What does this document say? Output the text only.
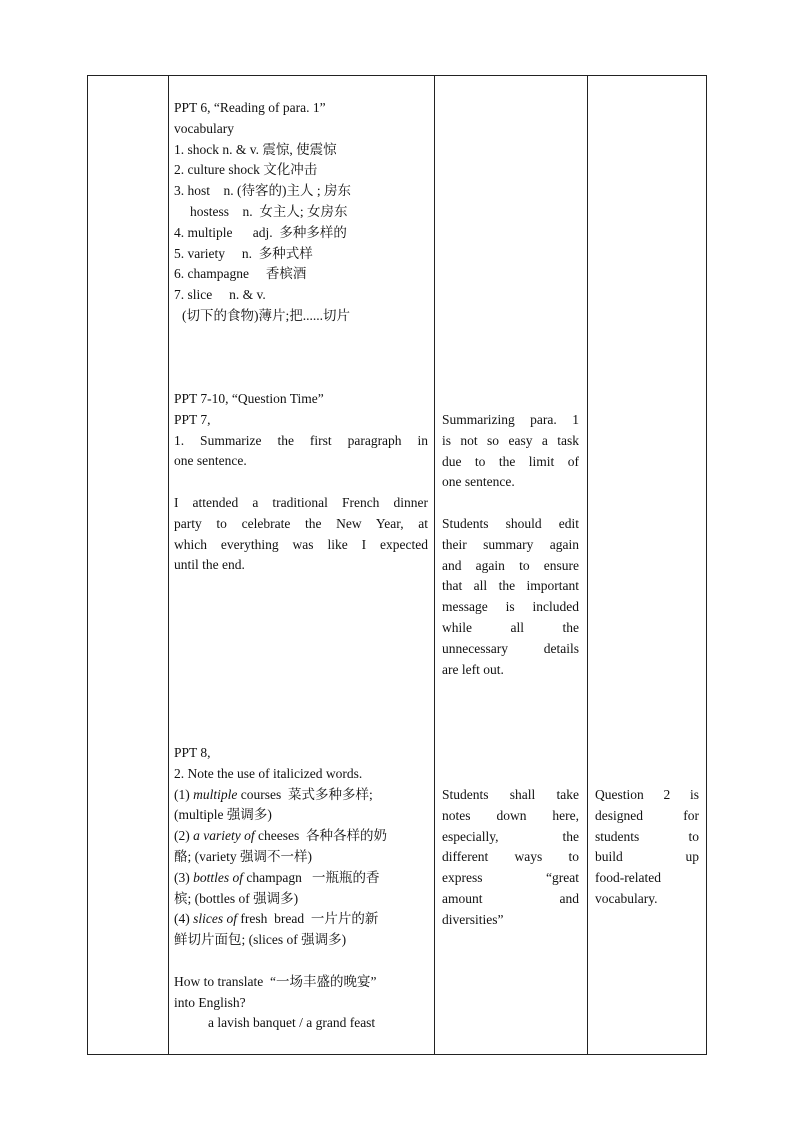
PPT 6, “Reading of para. 1”

vocabulary

1. shock n. & v. 震惊, 使震惊

2. culture shock 文化冲击

3. host    n. (待客的)主人 ; 房东

hostess    n.  女主人; 女房东

4. multiple      adj.  多种多样的

5. variety     n.  多种式样

6. champagne     香槟酒

7. slice     n. & v.

(切下的食物)薄片;把......切片

PPT 7-10, “Question Time”

PPT 7,

1. Summarize the first paragraph in

one sentence.

I attended a traditional French dinner

party to celebrate the New Year, at

which everything was like I expected

until the end.

PPT 8,

2. Note the use of italicized words.

(1) multiple courses  菜式多种多样;

(multiple 强调多)

(2) a variety of cheeses  各种各样的奶

酪; (variety 强调不一样)

(3) bottles of champagn   一瓶瓶的香

槟; (bottles of 强调多)

(4) slices of fresh  bread  一片片的新

鲜切片面包; (slices of 强调多)

How to translate  “一场丰盛的晚宴”

into English?

a lavish banquet / a grand feast

Summarizing para. 1

is not so easy a task

due to the limit of

one sentence.

Students should edit

their summary again

and again to ensure

that all the important

message is included

while all the

unnecessary details

are left out.

Students shall take

notes down here,

especially, the

different ways to

express “great

amount and

diversities”

Question 2 is

designed for

students to

build up

food-related

vocabulary.
